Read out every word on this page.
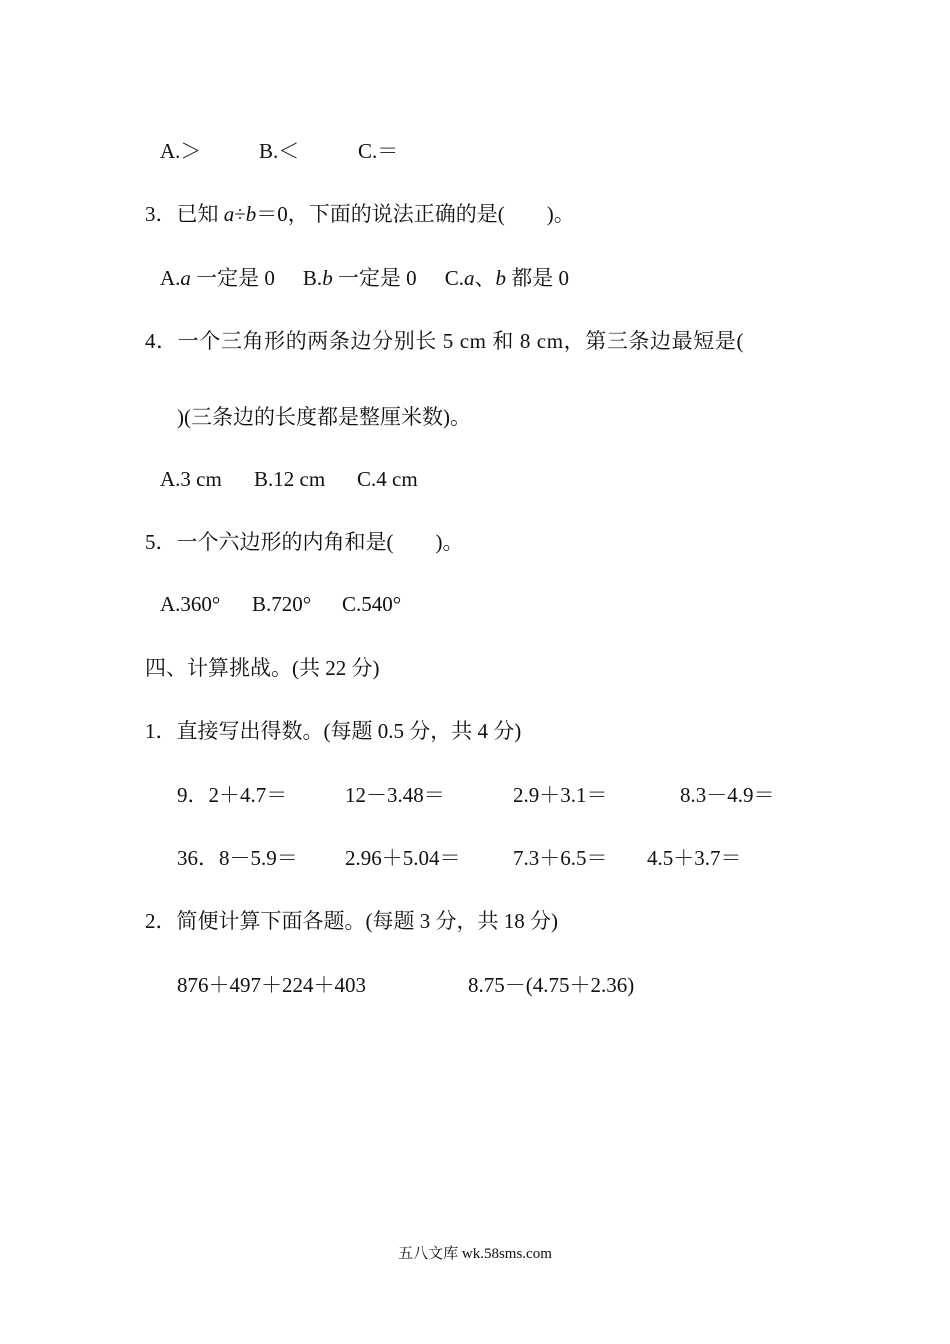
A.＞	B.＜	C.＝
3．已知 a÷b＝0，下面的说法正确的是(　　)。
A.a 一定是 0 B.b 一定是 0 C.a、b 都是 0
4．一个三角形的两条边分别长 5 cm 和 8 cm，第三条边最短是(
)(三条边的长度都是整厘米数)。
A.3 cm B.12 cm C.4 cm
5．一个六边形的内角和是(　　)。
A.360° B.720° C.540°
四、计算挑战。(共 22 分)
1．直接写出得数。(每题 0.5 分，共 4 分)
9．2＋4.7＝	12－3.48＝	2.9＋3.1＝	8.3－4.9＝
36．8－5.9＝ 2.96＋5.04＝	7.3＋6.5＝ 4.5＋3.7＝
2．简便计算下面各题。(每题 3 分，共 18 分)
876＋497＋224＋403	8.75－(4.75＋2.36)
五八文库 wk.58sms.com
